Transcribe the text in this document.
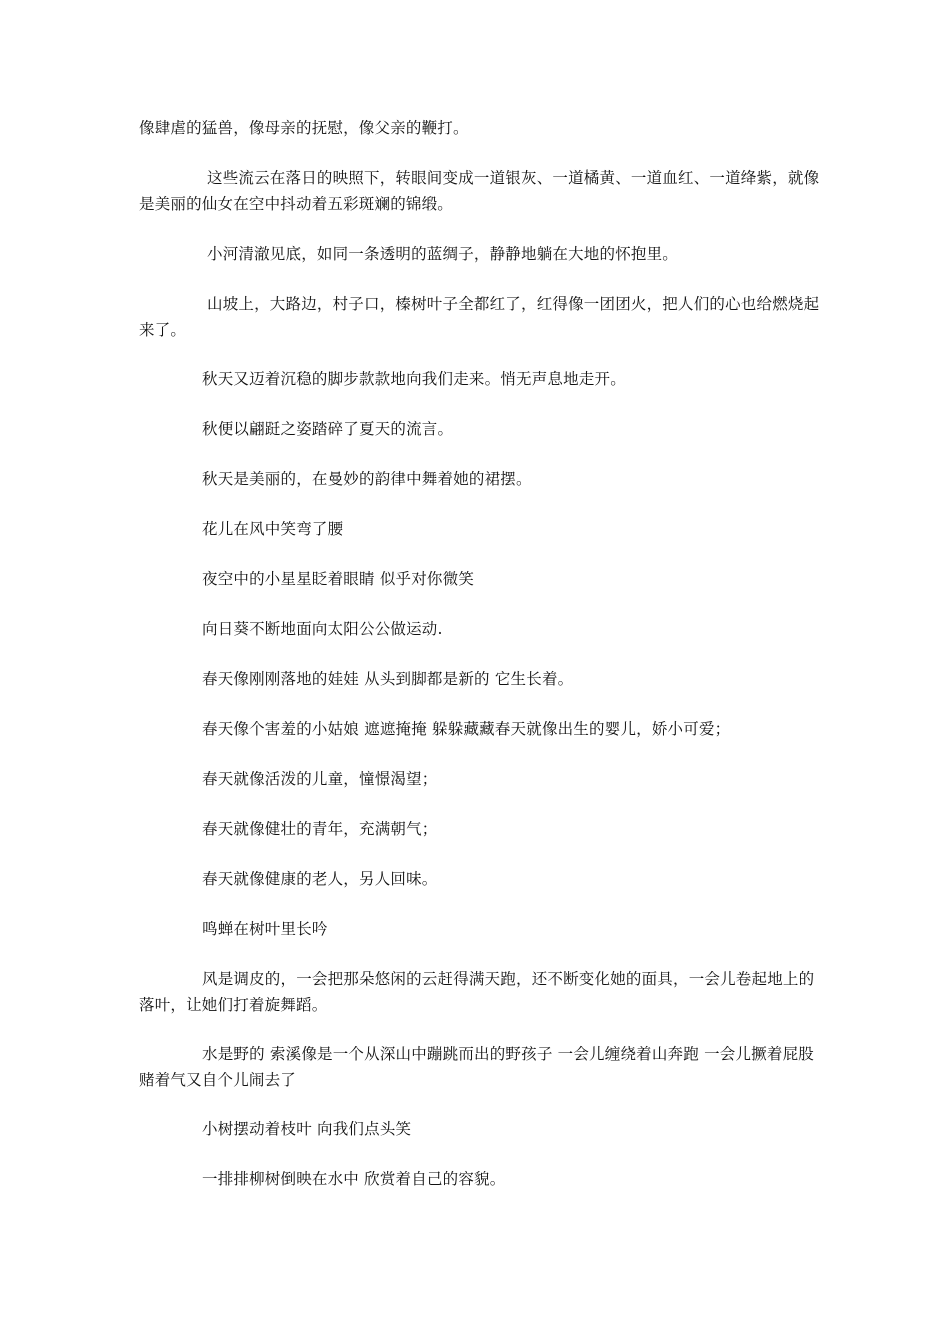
像肆虐的猛兽，像母亲的抚慰，像父亲的鞭打。

这些流云在落日的映照下，转眼间变成一道银灰、一道橘黄、一道血红、一道绛紫，就像是美丽的仙女在空中抖动着五彩斑斓的锦缎。

小河清澈见底，如同一条透明的蓝绸子，静静地躺在大地的怀抱里。

山坡上，大路边，村子口，榛树叶子全都红了，红得像一团团火，把人们的心也给燃烧起来了。

秋天又迈着沉稳的脚步款款地向我们走来。悄无声息地走开。

秋便以翩跹之姿踏碎了夏天的流言。

秋天是美丽的，在曼妙的韵律中舞着她的裙摆。

花儿在风中笑弯了腰

夜空中的小星星眨着眼睛 似乎对你微笑

向日葵不断地面向太阳公公做运动.

春天像刚刚落地的娃娃 从头到脚都是新的 它生长着。

春天像个害羞的小姑娘 遮遮掩掩 躲躲藏藏春天就像出生的婴儿，娇小可爱；

春天就像活泼的儿童，憧憬渴望；

春天就像健壮的青年，充满朝气；

春天就像健康的老人，另人回味。

鸣蝉在树叶里长吟

风是调皮的，一会把那朵悠闲的云赶得满天跑，还不断变化她的面具，一会儿卷起地上的落叶，让她们打着旋舞蹈。

水是野的 索溪像是一个从深山中蹦跳而出的野孩子 一会儿缠绕着山奔跑 一会儿撅着屁股 赌着气又自个儿闹去了

小树摆动着枝叶 向我们点头笑

一排排柳树倒映在水中 欣赏着自己的容貌。
